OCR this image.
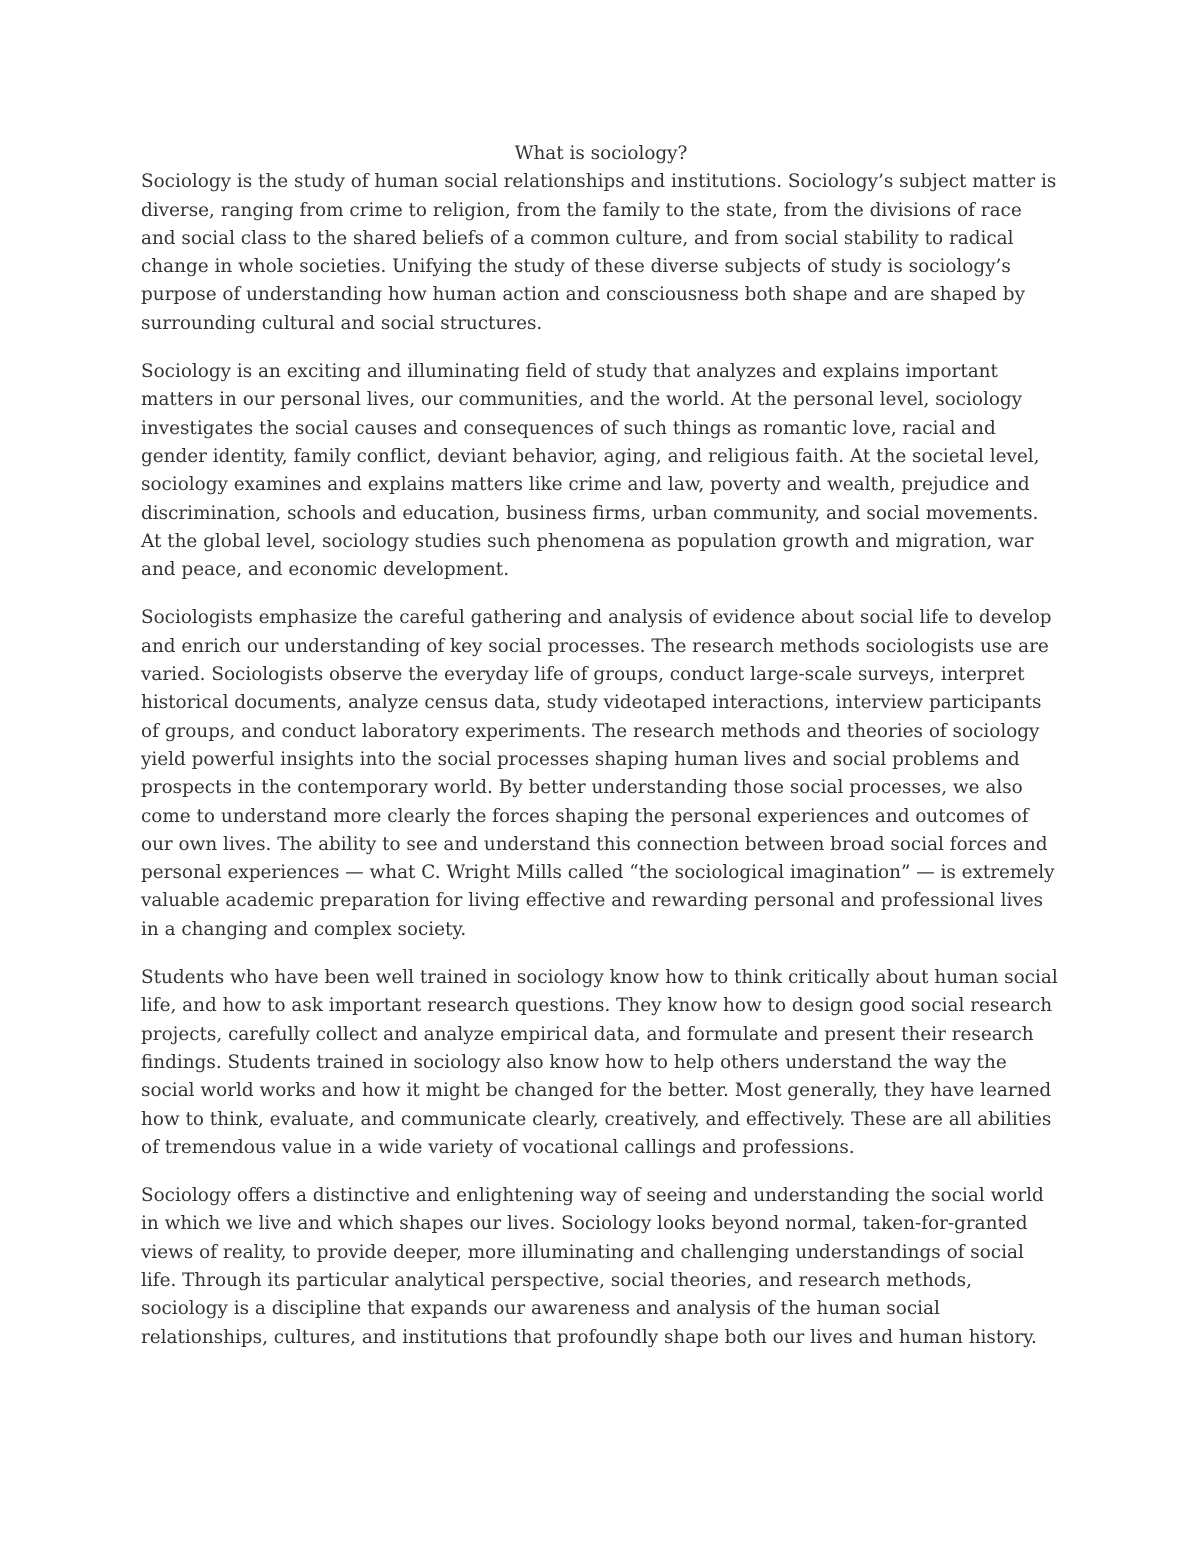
What is sociology?

Sociology is the study of human social relationships and institutions. Sociology’s subject matter is diverse, ranging from crime to religion, from the family to the state, from the divisions of race and social class to the shared beliefs of a common culture, and from social stability to radical change in whole societies. Unifying the study of these diverse subjects of study is sociology’s purpose of understanding how human action and consciousness both shape and are shaped by surrounding cultural and social structures.

Sociology is an exciting and illuminating field of study that analyzes and explains important matters in our personal lives, our communities, and the world. At the personal level, sociology investigates the social causes and consequences of such things as romantic love, racial and gender identity, family conflict, deviant behavior, aging, and religious faith. At the societal level, sociology examines and explains matters like crime and law, poverty and wealth, prejudice and discrimination, schools and education, business firms, urban community, and social movements. At the global level, sociology studies such phenomena as population growth and migration, war and peace, and economic development.

Sociologists emphasize the careful gathering and analysis of evidence about social life to develop and enrich our understanding of key social processes. The research methods sociologists use are varied. Sociologists observe the everyday life of groups, conduct large-scale surveys, interpret historical documents, analyze census data, study videotaped interactions, interview participants of groups, and conduct laboratory experiments. The research methods and theories of sociology yield powerful insights into the social processes shaping human lives and social problems and prospects in the contemporary world. By better understanding those social processes, we also come to understand more clearly the forces shaping the personal experiences and outcomes of our own lives. The ability to see and understand this connection between broad social forces and personal experiences — what C. Wright Mills called “the sociological imagination” — is extremely valuable academic preparation for living effective and rewarding personal and professional lives in a changing and complex society.

Students who have been well trained in sociology know how to think critically about human social life, and how to ask important research questions. They know how to design good social research projects, carefully collect and analyze empirical data, and formulate and present their research findings. Students trained in sociology also know how to help others understand the way the social world works and how it might be changed for the better. Most generally, they have learned how to think, evaluate, and communicate clearly, creatively, and effectively. These are all abilities of tremendous value in a wide variety of vocational callings and professions.

Sociology offers a distinctive and enlightening way of seeing and understanding the social world in which we live and which shapes our lives. Sociology looks beyond normal, taken-for-granted views of reality, to provide deeper, more illuminating and challenging understandings of social life. Through its particular analytical perspective, social theories, and research methods, sociology is a discipline that expands our awareness and analysis of the human social relationships, cultures, and institutions that profoundly shape both our lives and human history.
